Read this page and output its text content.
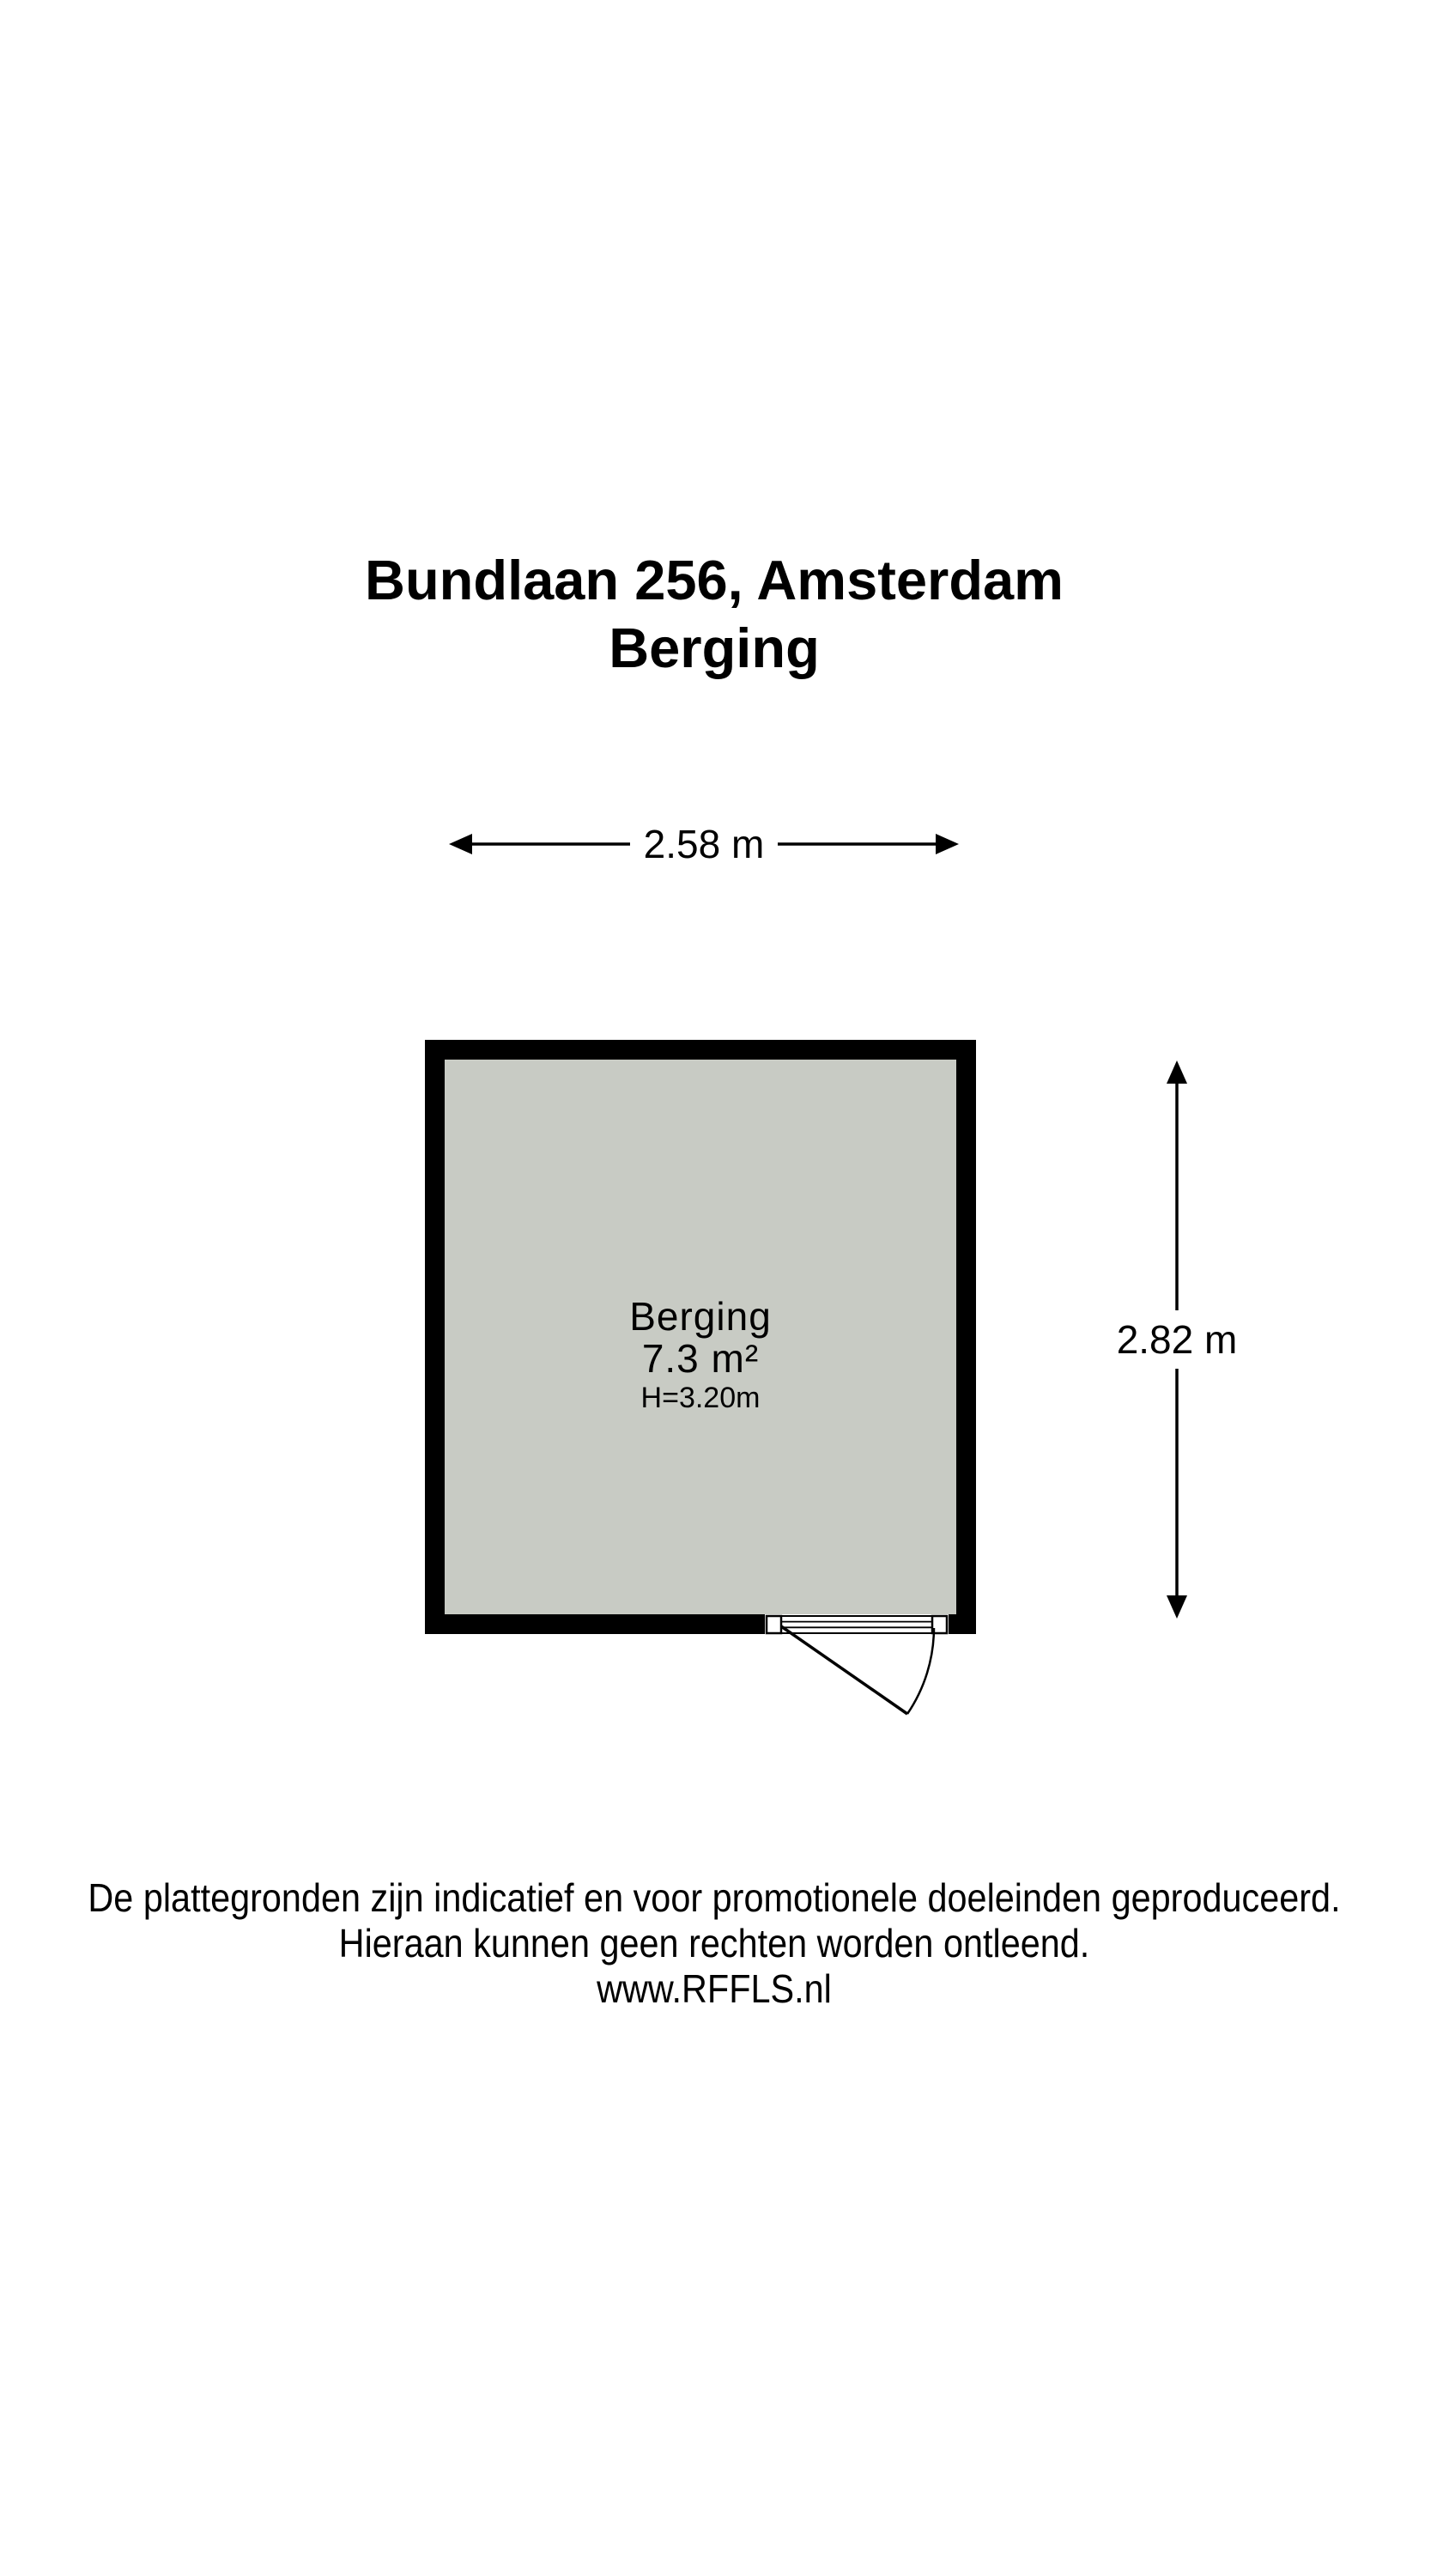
Bundlaan 256, Amsterdam
Berging
2.58 m
Berging
7.3 m²
H=3.20m
2.82 m
De plattegronden zijn indicatief en voor promotionele doeleinden geproduceerd.
Hieraan kunnen geen rechten worden ontleend.
www.RFFLS.nl
